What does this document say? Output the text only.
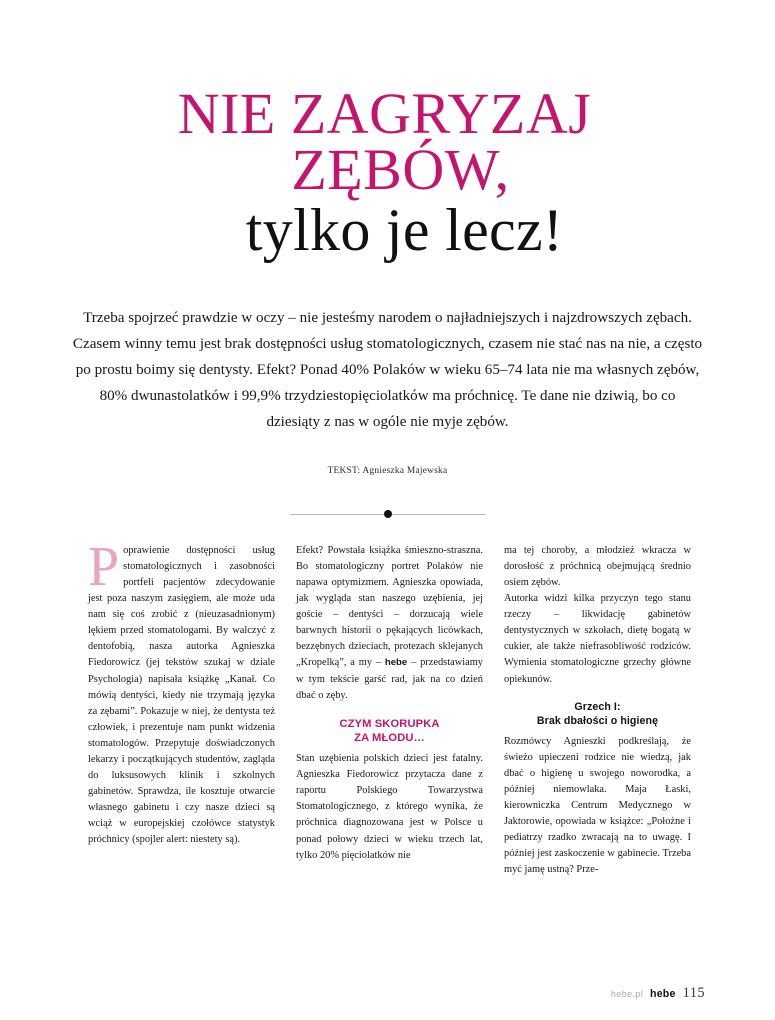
NIE ZAGRYZAJ
ZĘBÓW,
tylko je lecz!

Trzeba spojrzeć prawdzie w oczy – nie jesteśmy narodem o najładniejszych i najzdrowszych zębach. Czasem winny temu jest brak dostępności usług stomatologicznych, czasem nie stać nas na nie, a często po prostu boimy się dentysty. Efekt? Ponad 40% Polaków w wieku 65–74 lata nie ma własnych zębów, 80% dwunastolatków i 99,9% trzydziestopięciolatków ma próchnicę. Te dane nie dziwią, bo co dziesiąty z nas w ogóle nie myje zębów.

TEKST: Agnieszka Majewska

Poprawienie dostępności usług stomatologicznych i zasobności portfeli pacjentów zdecydowanie jest poza naszym zasięgiem, ale może uda nam się coś zrobić z (nieuzasadnionym) lękiem przed stomatologami. By walczyć z dentofobią, nasza autorka Agnieszka Fiedorowicz (jej tekstów szukaj w dziale Psychologia) napisała książkę „Kanał. Co mówią dentyści, kiedy nie trzymają języka za zębami”. Pokazuje w niej, że dentysta też człowiek, i prezentuje nam punkt widzenia stomatologów. Przepytuje doświadczonych lekarzy i początkujących studentów, zagląda do luksusowych klinik i szkolnych gabinetów. Sprawdza, ile kosztuje otwarcie własnego gabinetu i czy nasze dzieci są wciąż w europejskiej czołówce statystyk próchnicy (spojler alert: niestety są).

Efekt? Powstała książka śmieszno-straszna. Bo stomatologiczny portret Polaków nie napawa optymizmem. Agnieszka opowiada, jak wygląda stan naszego uzębienia, jej goście – dentyści – dorzucają wiele barwnych historii o pękających licówkach, bezzębnych dzieciach, protezach sklejanych „Kropelką”, a my – hebe – przedstawiamy w tym tekście garść rad, jak na co dzień dbać o zęby.

CZYM SKORUPKA
ZA MŁODU…

Stan uzębienia polskich dzieci jest fatalny. Agnieszka Fiedorowicz przytacza dane z raportu Polskiego Towarzystwa Stomatologicznego, z którego wynika, że próchnica diagnozowana jest w Polsce u ponad połowy dzieci w wieku trzech lat, tylko 20% pięciolatków nie

ma tej choroby, a młodzież wkracza w dorosłość z próchnicą obejmującą średnio osiem zębów.

Autorka widzi kilka przyczyn tego stanu rzeczy – likwidację gabinetów dentystycznych w szkołach, dietę bogatą w cukier, ale także niefrasobliwość rodziców. Wymienia stomatologiczne grzechy główne opiekunów.

Grzech I:
Brak dbałości o higienę

Rozmówcy Agnieszki podkreślają, że świeżo upieczeni rodzice nie wiedzą, jak dbać o higienę u swojego noworodka, a później niemowlaka. Maja Łaski, kierowniczka Centrum Medycznego w Jaktorowie, opowiada w książce: „Położne i pediatrzy rzadko zwracają na to uwagę. I później jest zaskoczenie w gabinecie. Trzeba myć jamę ustną? Prze-

hebe.pl hebe 115
